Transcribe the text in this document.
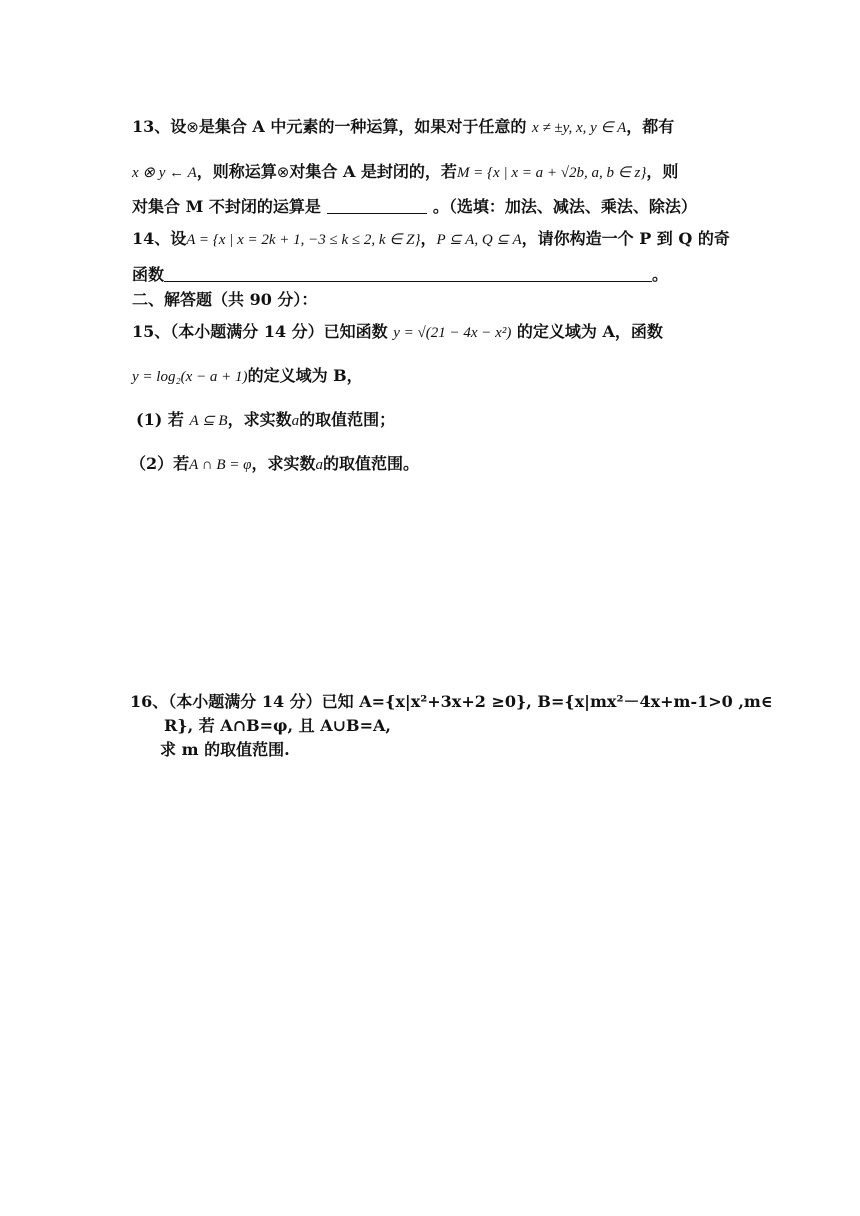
13、设⊗是集合 A 中元素的一种运算，如果对于任意的 x ≠ ±y, x, y ∈ A，都有
x ⊗ y ← A，则称运算⊗对集合 A 是封闭的，若M = {x | x = a + √2b, a, b ∈ z}，则
对集合 M 不封闭的运算是	。（选填：加法、减法、乘法、除法）
14、设A = {x | x = 2k + 1, −3 ≤ k ≤ 2, k ∈ Z}，P ⊆ A, Q ⊆ A，请你构造一个 P 到 Q 的奇
函数	。
二、解答题（共 90 分）：
15、（本小题满分 14 分）已知函数 y = √(21 − 4x − x²) 的定义域为 A，函数
y = log₂(x − a + 1)的定义域为 B，
(1) 若 A ⊆ B，求实数a的取值范围；
（2）若A ∩ B = φ，求实数a的取值范围。
16、（本小题满分 14 分）已知 A={x|x²+3x+2 ≥0}, B={x|mx²－4x+m-1>0 ,m∈
R}, 若 A∩B=φ, 且 A∪B=A,
求 m 的取值范围.
